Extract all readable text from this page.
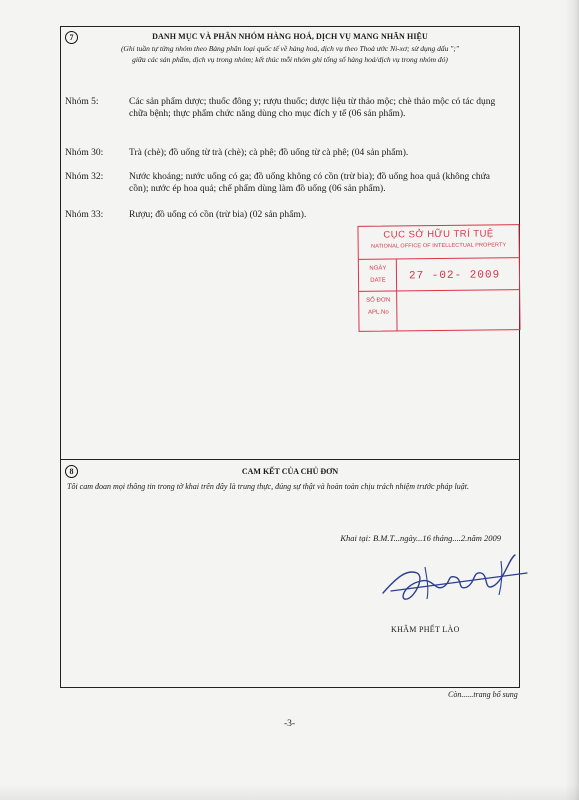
7	DANH MỤC VÀ PHÂN NHÓM HÀNG HOÁ, DỊCH VỤ MANG NHÃN HIỆU
(Ghi tuần tự từng nhóm theo Bảng phân loại quốc tế về hàng hoá, dịch vụ theo Thoả ước Ni-xơ; sử dụng dấu ";"
giữa các sản phẩm, dịch vụ trong nhóm; kết thúc mỗi nhóm ghi tổng số hàng hoá/dịch vụ trong nhóm đó)
Nhóm 5:	Các sản phẩm dược; thuốc đông y; rượu thuốc; dược liệu từ thảo mộc; chè thảo mộc có tác dụng chữa bệnh; thực phẩm chức năng dùng cho mục đích y tế (06 sản phẩm).
Nhóm 30:	Trà (chè); đồ uống từ trà (chè); cà phê; đồ uống từ cà phê; (04 sản phẩm).
Nhóm 32:	Nước khoáng; nước uống có ga; đồ uống không có cồn (trừ bia); đồ uống hoa quả (không chứa cồn); nước ép hoa quả; chế phẩm dùng làm đồ uống (06 sản phẩm).
Nhóm 33:	Rượu; đồ uống có cồn (trừ bia) (02 sản phẩm).
8	CAM KẾT CỦA CHỦ ĐƠN
Tôi cam đoan mọi thông tin trong tờ khai trên đây là trung thực, đúng sự thật và hoàn toàn chịu trách nhiệm trước pháp luật.
Khai tại: B.M.T...ngày...16 tháng....2.năm 2009
KHÂM PHẾT LÀO
CỤC SỞ HỮU TRÍ TUỆ
NATIONAL OFFICE OF INTELLECTUAL PROPERTY
NGÀY
DATE	27 -02- 2009
SỐ ĐƠN
APL.No
Còn......trang bổ sung
-3-
